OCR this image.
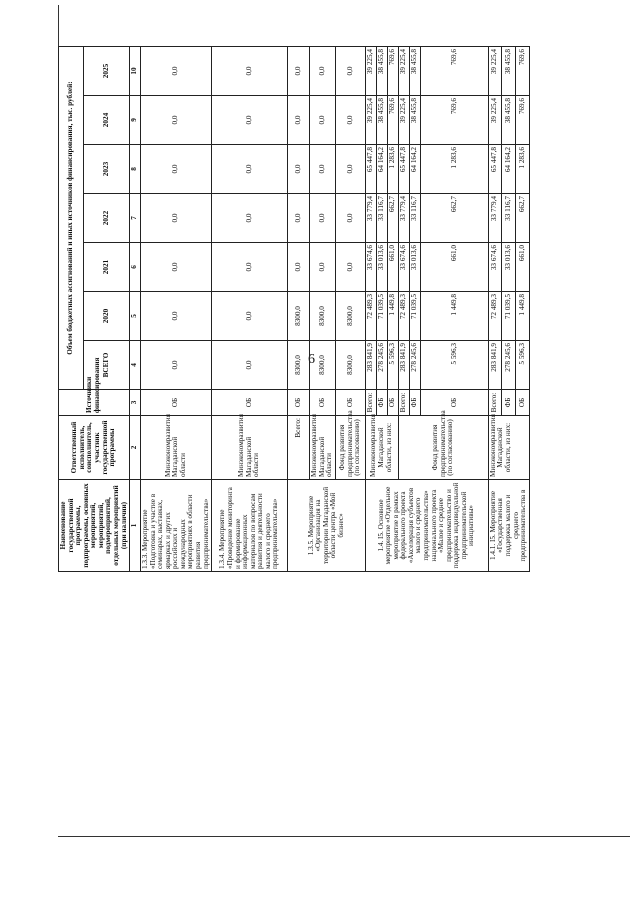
6
Наименование государственной программы, подпрограммы, основных мероприятий, мероприятий, подмероприятий, отдельных мероприятий (при наличии)	Ответственный исполнитель, соисполнитель, участник государственной программы	Источники финансирования	Объем бюджетных ассигнований и иных источников финансирования, тыс. рублей:						
			ВСЕГО	2020	2021	2022	2023	2024	2025
1	2	3	4	5	6	7	8	9	10
1.3.3. Мероприятие «Подготовка и участие в семинарах, выставках, ярмарках и других российских и международных мероприятиях в области развития предпринимательства»	Минэкономразвития Магаданской области	ОБ	0,0	0,0	0,0	0,0	0,0	0,0	0,0
1.3.4. Мероприятие «Проведение мониторинга и формирование информационных материалов по вопросам развития и деятельности малого и среднего предпринимательства»	Минэкономразвития Магаданской области	ОБ	0,0	0,0	0,0	0,0	0,0	0,0	0,0
1.3.5. Мероприятие «Организация на территории Магаданской области центра «Мой бизнес»	Всего:	ОБ	8300,0	8300,0	0,0	0,0	0,0	0,0	0,0
	Минэкономразвития Магаданской области	ОБ	8300,0	8300,0	0,0	0,0	0,0	0,0	0,0
	Фонд развития предпринимательства (по согласованию)	ОБ	8300,0	8300,0	0,0	0,0	0,0	0,0	0,0
1.4. I5. Основное мероприятие «Отдельное мероприятие в рамках федерального проекта «Акселерация субъектов малого и среднего предпринимательства» национального проекта «Малое и среднее предпринимательство и поддержка индивидуальной предпринимательской инициативы»	Минэкономразвития Магаданской области, из них:	Всего:	283 841,9	72 489,3	33 674,6	33 779,4	65 447,8	39 225,4	39 225,4
		ФБ	278 245,6	71 039,5	33 013,6	33 116,7	64 164,2	38 455,8	38 455,8
		ОБ	5 596,3	1 449,8	661,0	662,7	1 283,6	769,6	769,6
	Фонд развития предпринимательства (по согласованию)	Всего:	283 841,9	72 489,3	33 674,6	33 779,4	65 447,8	39 225,4	39 225,4
		ФБ	278 245,6	71 039,5	33 013,6	33 116,7	64 164,2	38 455,8	38 455,8
		ОБ	5 596,3	1 449,8	661,0	662,7	1 283,6	769,6	769,6
1.4.1. I5. Мероприятие «Государственная поддержка малого и среднего предпринимательства в	Минэкономразвития Магаданской области, из них:	Всего:	283 841,9	72 489,3	33 674,6	33 779,4	65 447,8	39 225,4	39 225,4
		ФБ	278 245,6	71 039,5	33 013,6	33 116,7	64 164,2	38 455,8	38 455,8
		ОБ	5 596,3	1 449,8	661,0	662,7	1 283,6	769,6	769,6
